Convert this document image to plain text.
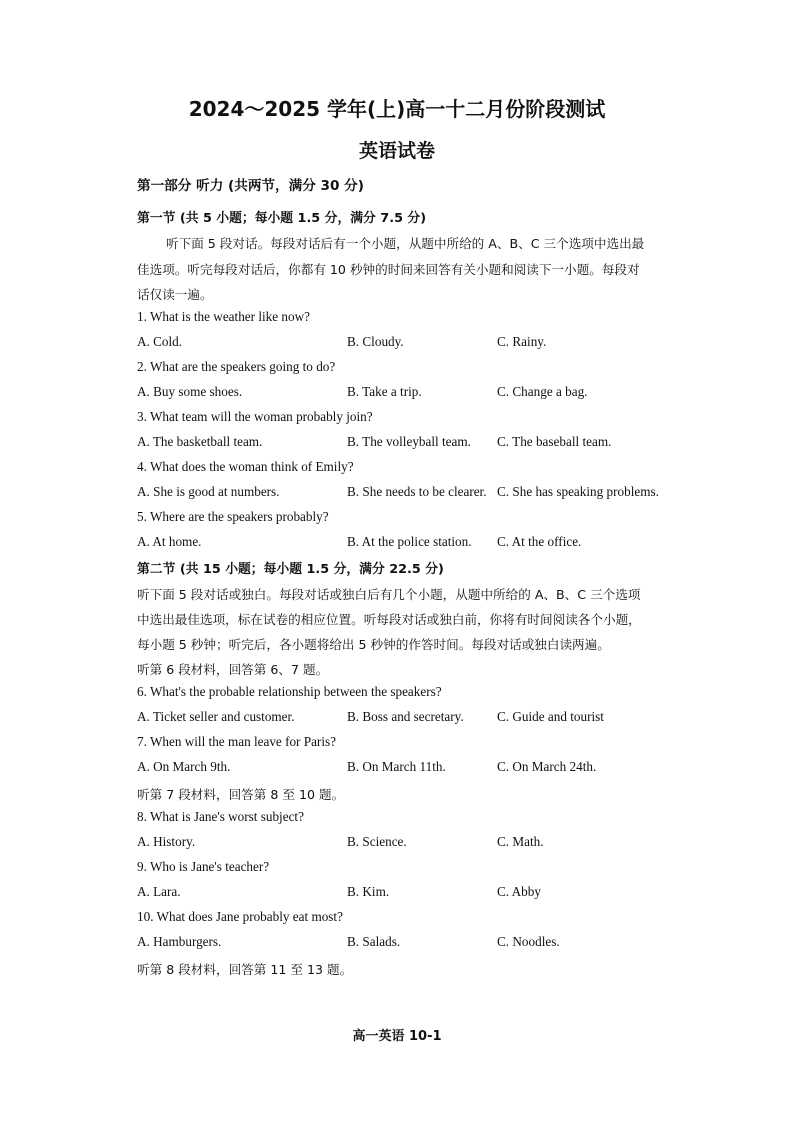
2024～2025 学年(上)高一十二月份阶段测试
英语试卷
第一部分 听力 (共两节，满分 30 分)
第一节 (共 5 小题；每小题 1.5 分，满分 7.5 分)
听下面 5 段对话。每段对话后有一个小题，从题中所给的 A、B、C 三个选项中选出最
佳选项。听完每段对话后，你都有 10 秒钟的时间来回答有关小题和阅读下一小题。每段对
话仅读一遍。
1. What is the weather like now?
A. Cold.	B. Cloudy.	C. Rainy.
2. What are the speakers going to do?
A. Buy some shoes.	B. Take a trip.	C. Change a bag.
3. What team will the woman probably join?
A. The basketball team.	B. The volleyball team. C. The baseball team.
4. What does the woman think of Emily?
A. She is good at numbers.	B. She needs to be clearer. C. She has speaking problems.
5. Where are the speakers probably?
A. At home.	B. At the police station. C. At the office.
第二节 (共 15 小题；每小题 1.5 分，满分 22.5 分)
听下面 5 段对话或独白。每段对话或独白后有几个小题，从题中所给的 A、B、C 三个选项
中选出最佳选项，标在试卷的相应位置。听每段对话或独白前，你将有时间阅读各个小题，
每小题 5 秒钟；听完后，各小题将给出 5 秒钟的作答时间。每段对话或独白读两遍。
听第 6 段材料，回答第 6、7 题。
6. What's the probable relationship between the speakers?
A. Ticket seller and customer.	B. Boss and secretary.	C. Guide and tourist
7. When will the man leave for Paris?
A. On March 9th.	B. On March 11th.	C. On March 24th.
听第 7 段材料，回答第 8 至 10 题。
8. What is Jane's worst subject?
A. History.	B. Science.	C. Math.
9. Who is Jane's teacher?
A. Lara.	B. Kim.	C. Abby
10. What does Jane probably eat most?
A. Hamburgers.	B. Salads.	C. Noodles.
听第 8 段材料，回答第 11 至 13 题。
高一英语 10-1
